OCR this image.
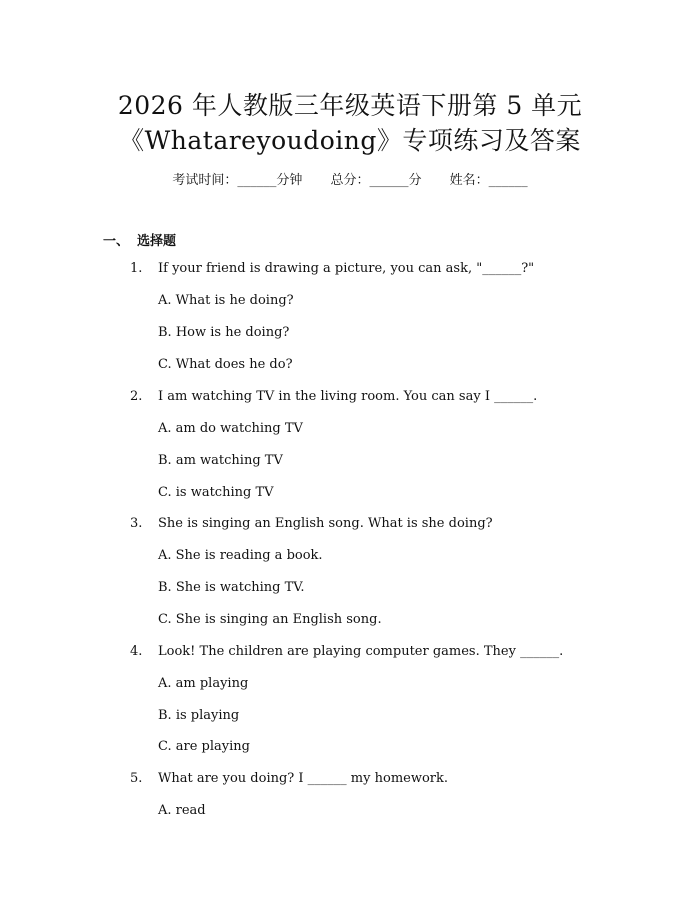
2026 年人教版三年级英语下册第 5 单元
《Whatareyoudoing》专项练习及答案
考试时间：______分钟 总分：______分 姓名：______
一、 选择题
1. If your friend is drawing a picture, you can ask, "______?"
A. What is he doing?
B. How is he doing?
C. What does he do?
2. I am watching TV in the living room. You can say I ______.
A. am do watching TV
B. am watching TV
C. is watching TV
3. She is singing an English song. What is she doing?
A. She is reading a book.
B. She is watching TV.
C. She is singing an English song.
4. Look! The children are playing computer games. They ______.
A. am playing
B. is playing
C. are playing
5. What are you doing? I ______ my homework.
A. read
